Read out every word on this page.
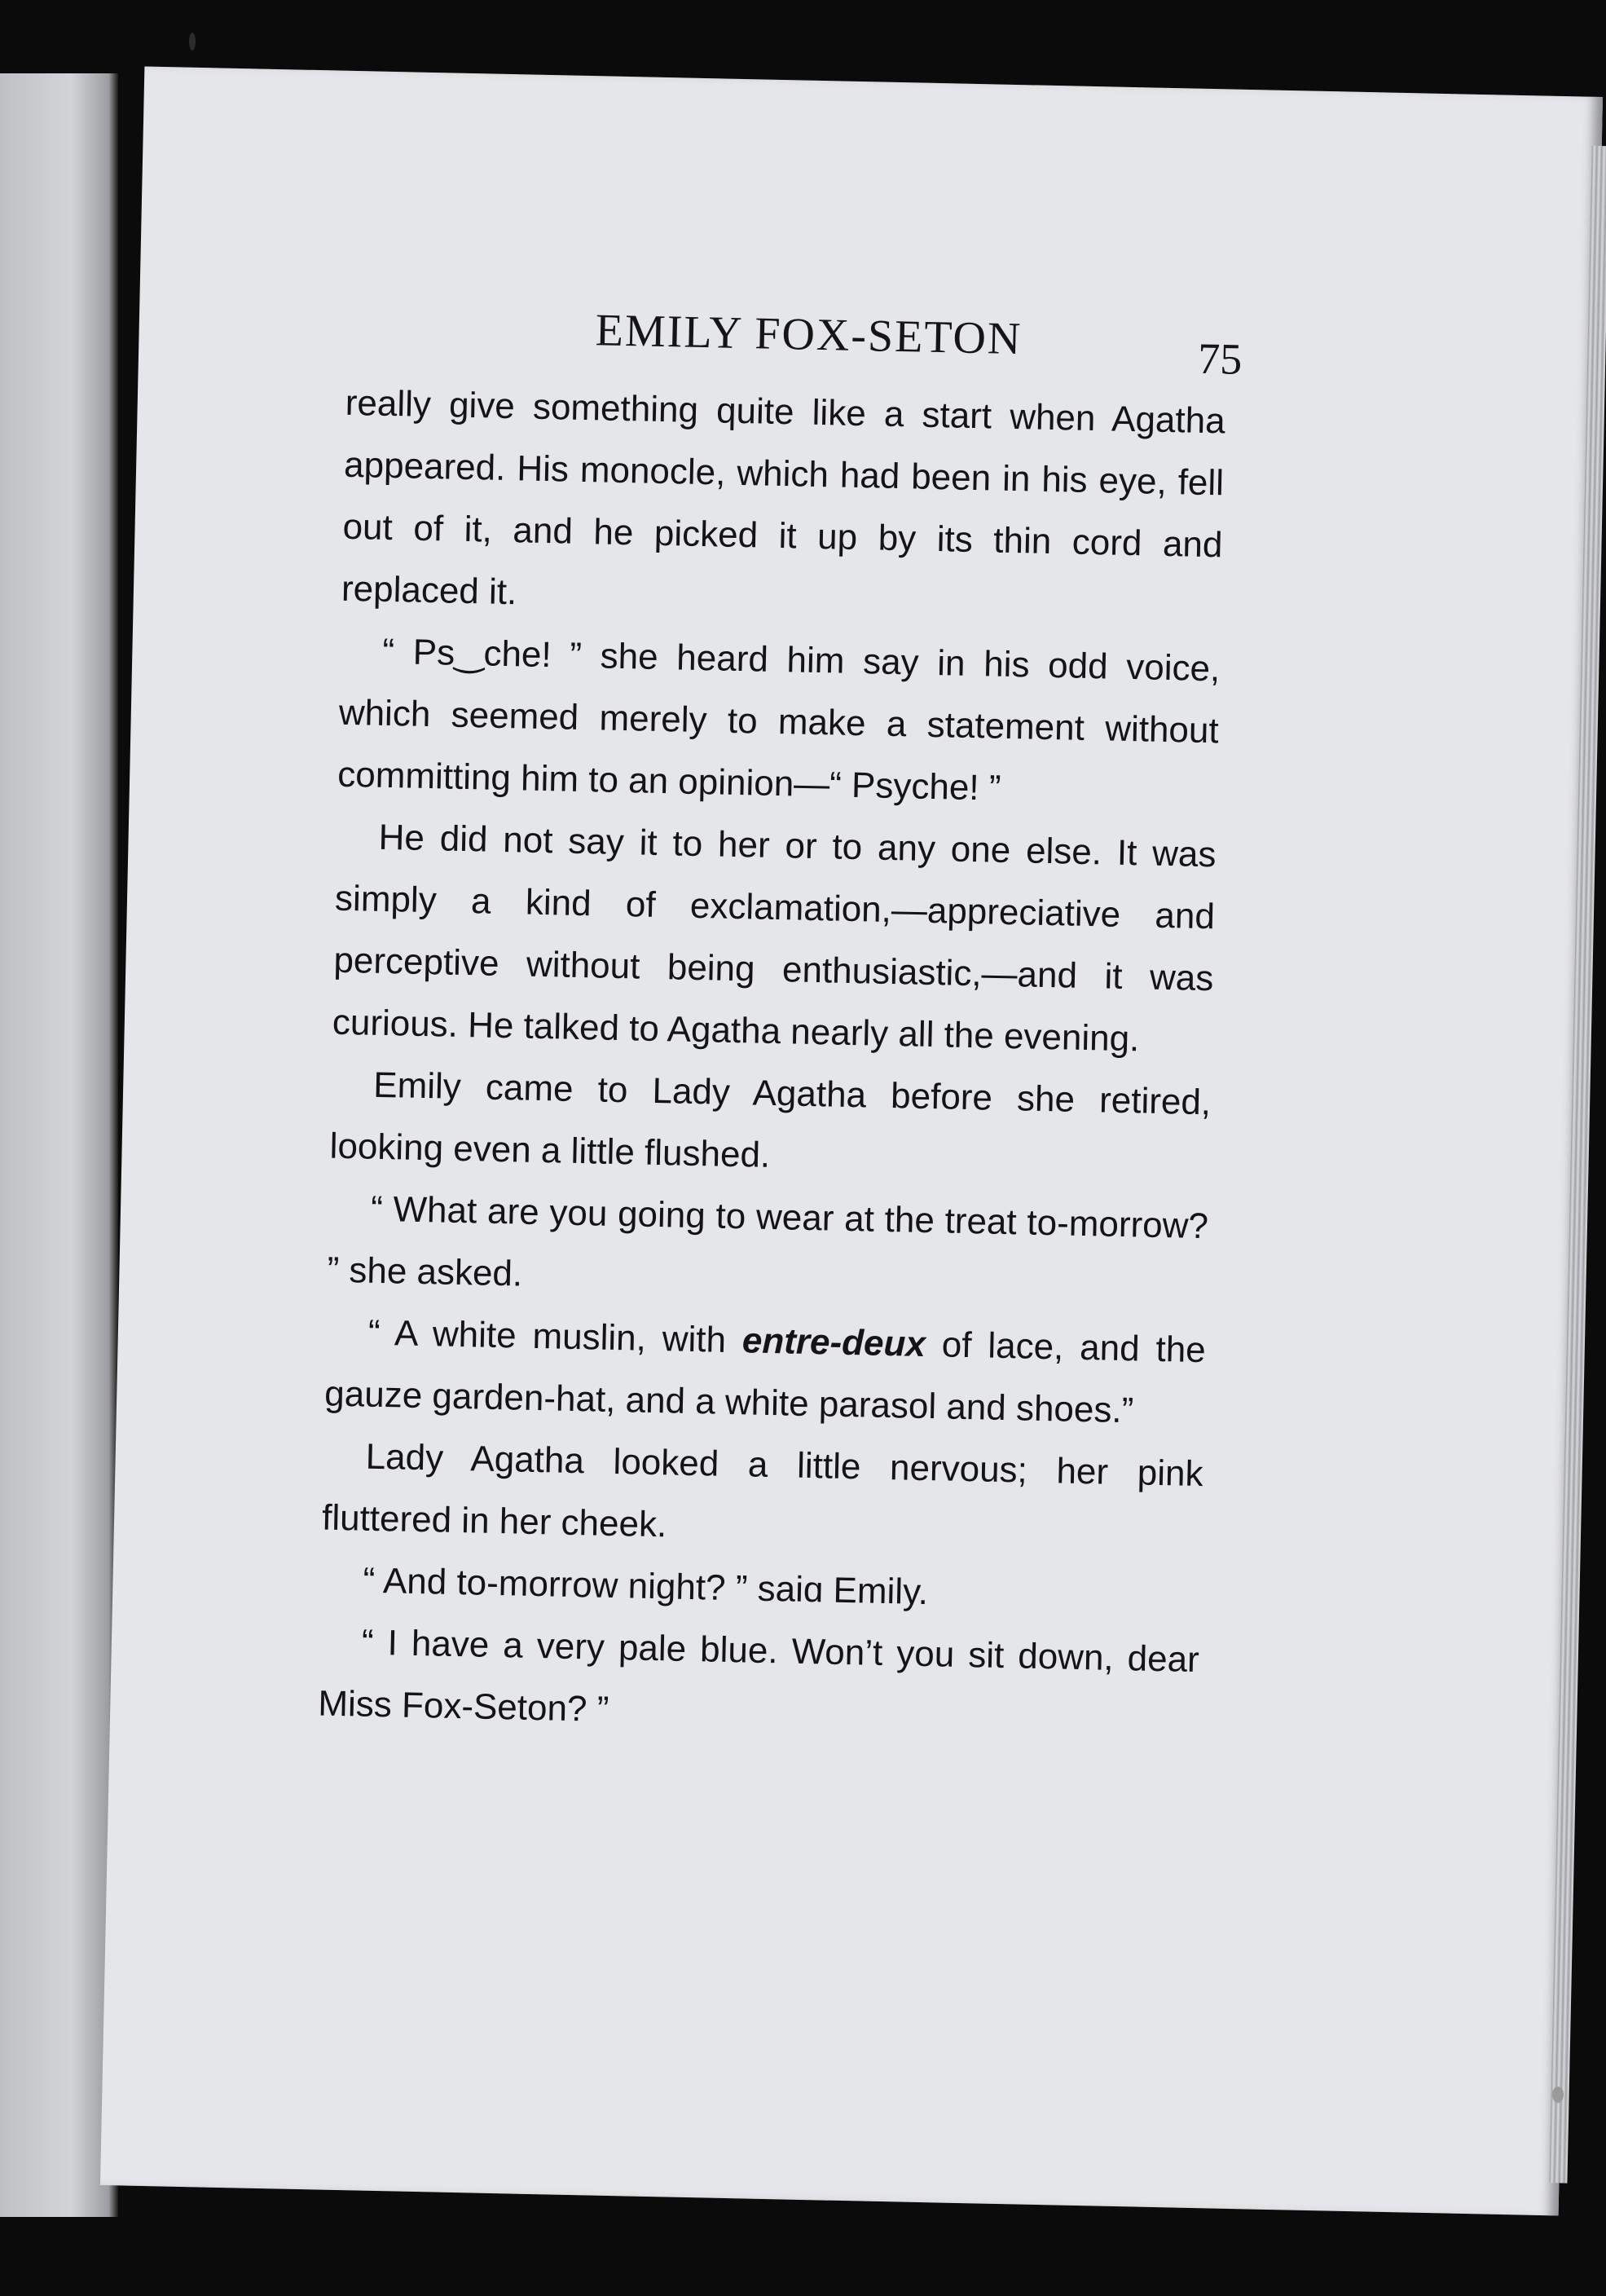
EMILY FOX-SETON	75

really give something quite like a start when Agatha appeared. His monocle, which had been in his eye, fell out of it, and he picked it up by its thin cord and replaced it.

“ Ps‿che! ” she heard him say in his odd voice, which seemed merely to make a statement without committing him to an opinion—“ Psyche! ”

He did not say it to her or to any one else. It was simply a kind of exclamation,—appreciative and perceptive without being enthusiastic,—and it was curious. He talked to Agatha nearly all the evening.

Emily came to Lady Agatha before she retired, looking even a little flushed.

“ What are you going to wear at the treat to-morrow? ” she asked.

“ A white muslin, with entre-deux of lace, and the gauze garden-hat, and a white parasol and shoes.”

Lady Agatha looked a little nervous; her pink fluttered in her cheek.

“ And to-morrow night? ” saiɑ Emily.

“ I have a very pale blue. Won’t you sit down, dear Miss Fox-Seton? ”
